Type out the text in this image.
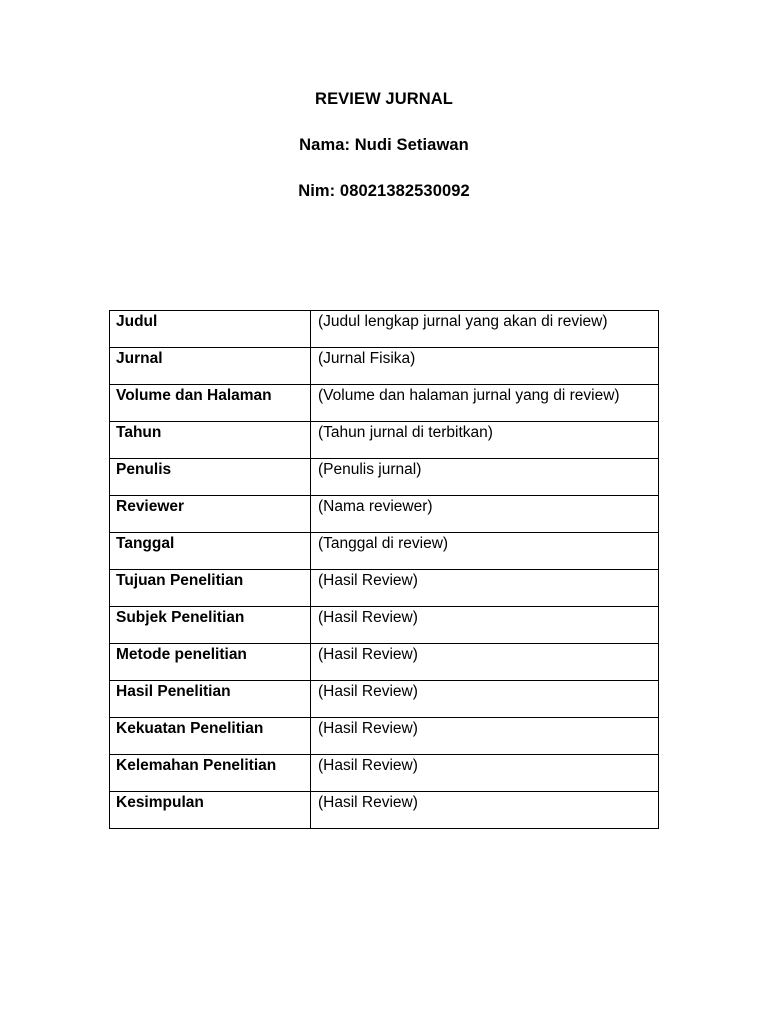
REVIEW JURNAL
Nama: Nudi Setiawan
Nim: 08021382530092
Judul	(Judul lengkap jurnal yang akan di review)
Jurnal	(Jurnal Fisika)
Volume dan Halaman	(Volume dan halaman jurnal yang di review)
Tahun	(Tahun jurnal di terbitkan)
Penulis	(Penulis jurnal)
Reviewer	(Nama reviewer)
Tanggal	(Tanggal di review)
Tujuan Penelitian	(Hasil Review)
Subjek Penelitian	(Hasil Review)
Metode penelitian	(Hasil Review)
Hasil Penelitian	(Hasil Review)
Kekuatan Penelitian	(Hasil Review)
Kelemahan Penelitian	(Hasil Review)
Kesimpulan	(Hasil Review)
